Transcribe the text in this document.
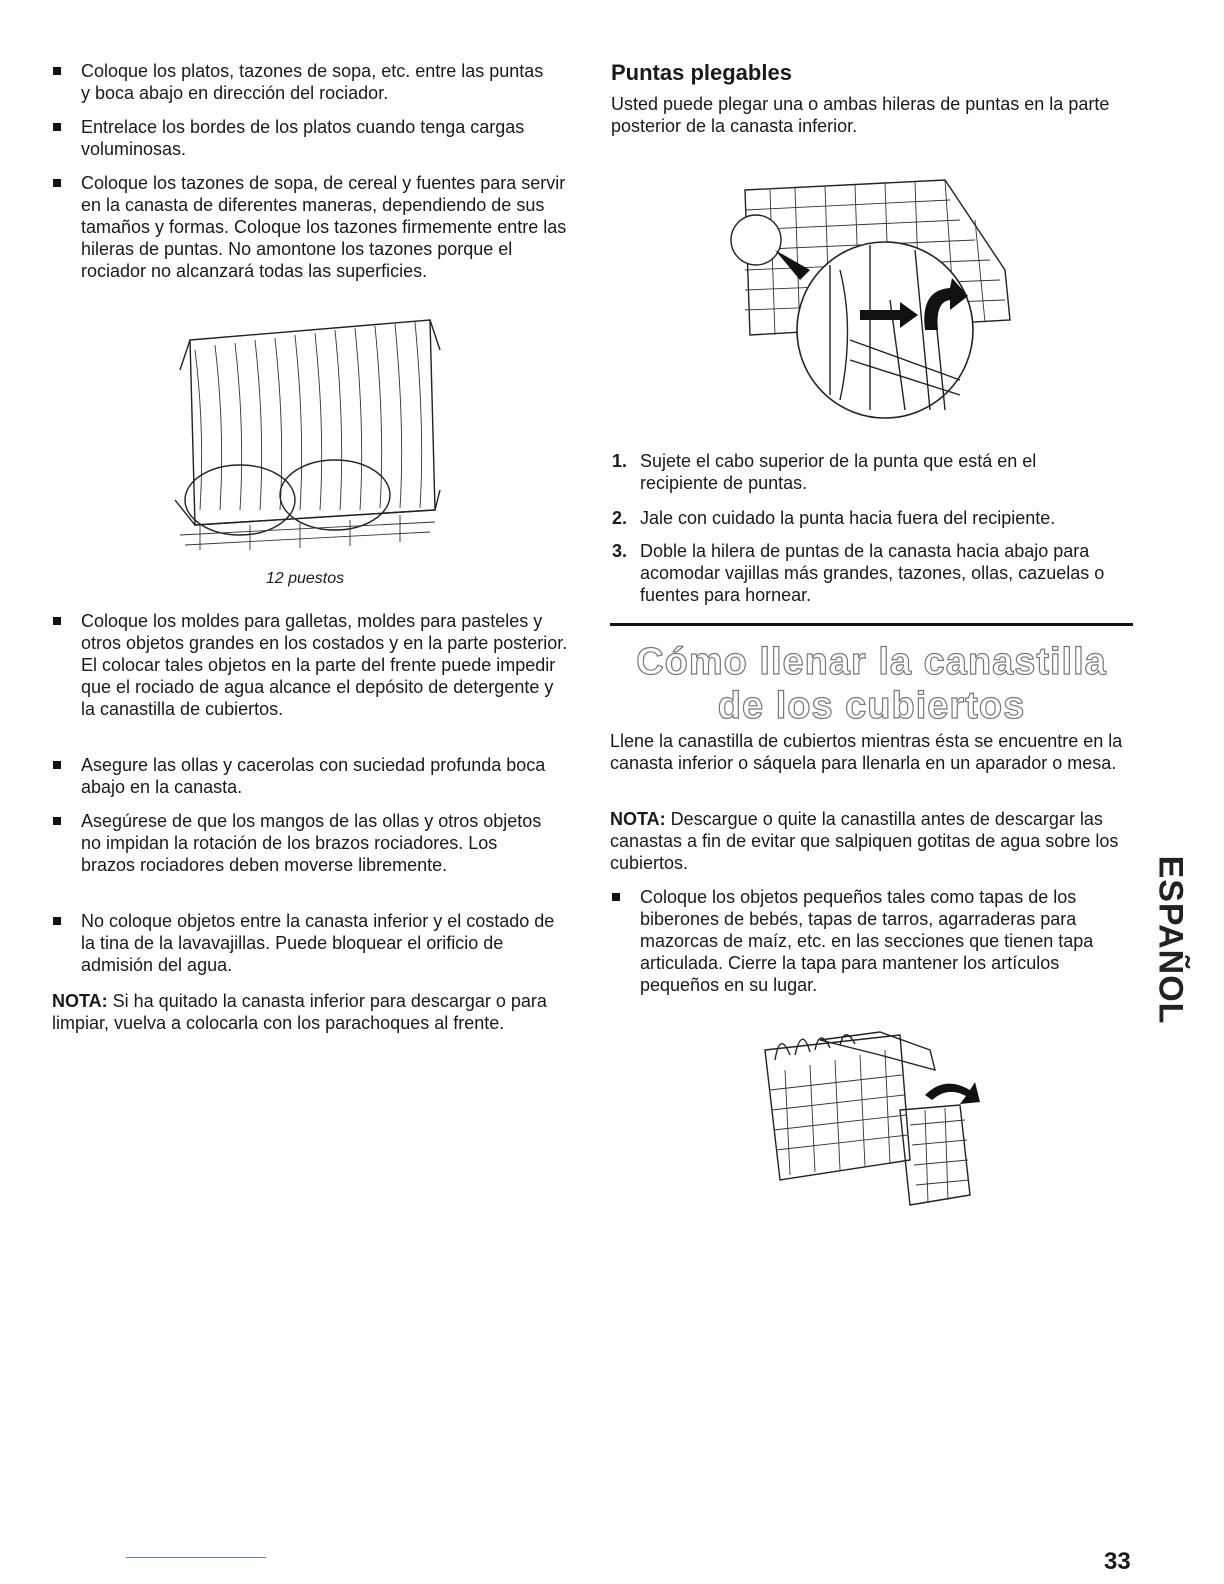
Coloque los platos, tazones de sopa, etc. entre las puntas y boca abajo en dirección del rociador.
Entrelace los bordes de los platos cuando tenga cargas voluminosas.
Coloque los tazones de sopa, de cereal y fuentes para servir en la canasta de diferentes maneras, dependiendo de sus tamaños y formas. Coloque los tazones firmemente entre las hileras de puntas. No amontone los tazones porque el rociador no alcanzará todas las superficies.

12 puestos

Coloque los moldes para galletas, moldes para pasteles y otros objetos grandes en los costados y en la parte posterior. El colocar tales objetos en la parte del frente puede impedir que el rociado de agua alcance el depósito de detergente y la canastilla de cubiertos.
Asegure las ollas y cacerolas con suciedad profunda boca abajo en la canasta.
Asegúrese de que los mangos de las ollas y otros objetos no impidan la rotación de los brazos rociadores. Los brazos rociadores deben moverse libremente.
No coloque objetos entre la canasta inferior y el costado de la tina de la lavavajillas. Puede bloquear el orificio de admisión del agua.

NOTA: Si ha quitado la canasta inferior para descargar o para limpiar, vuelva a colocarla con los parachoques al frente.

Puntas plegables

Usted puede plegar una o ambas hileras de puntas en la parte posterior de la canasta inferior.

1. Sujete el cabo superior de la punta que está en el recipiente de puntas.
2. Jale con cuidado la punta hacia fuera del recipiente.
3. Doble la hilera de puntas de la canasta hacia abajo para acomodar vajillas más grandes, tazones, ollas, cazuelas o fuentes para hornear.
Cómo llenar la canastilla
de los cubiertos

Llene la canastilla de cubiertos mientras ésta se encuentre en la canasta inferior o sáquela para llenarla en un aparador o mesa.

NOTA: Descargue o quite la canastilla antes de descargar las canastas a fin de evitar que salpiquen gotitas de agua sobre los cubiertos.

Coloque los objetos pequeños tales como tapas de los biberones de bebés, tapas de tarros, agarraderas para mazorcas de maíz, etc. en las secciones que tienen tapa articulada. Cierre la tapa para mantener los artículos pequeños en su lugar.	ESPAÑOL

33
